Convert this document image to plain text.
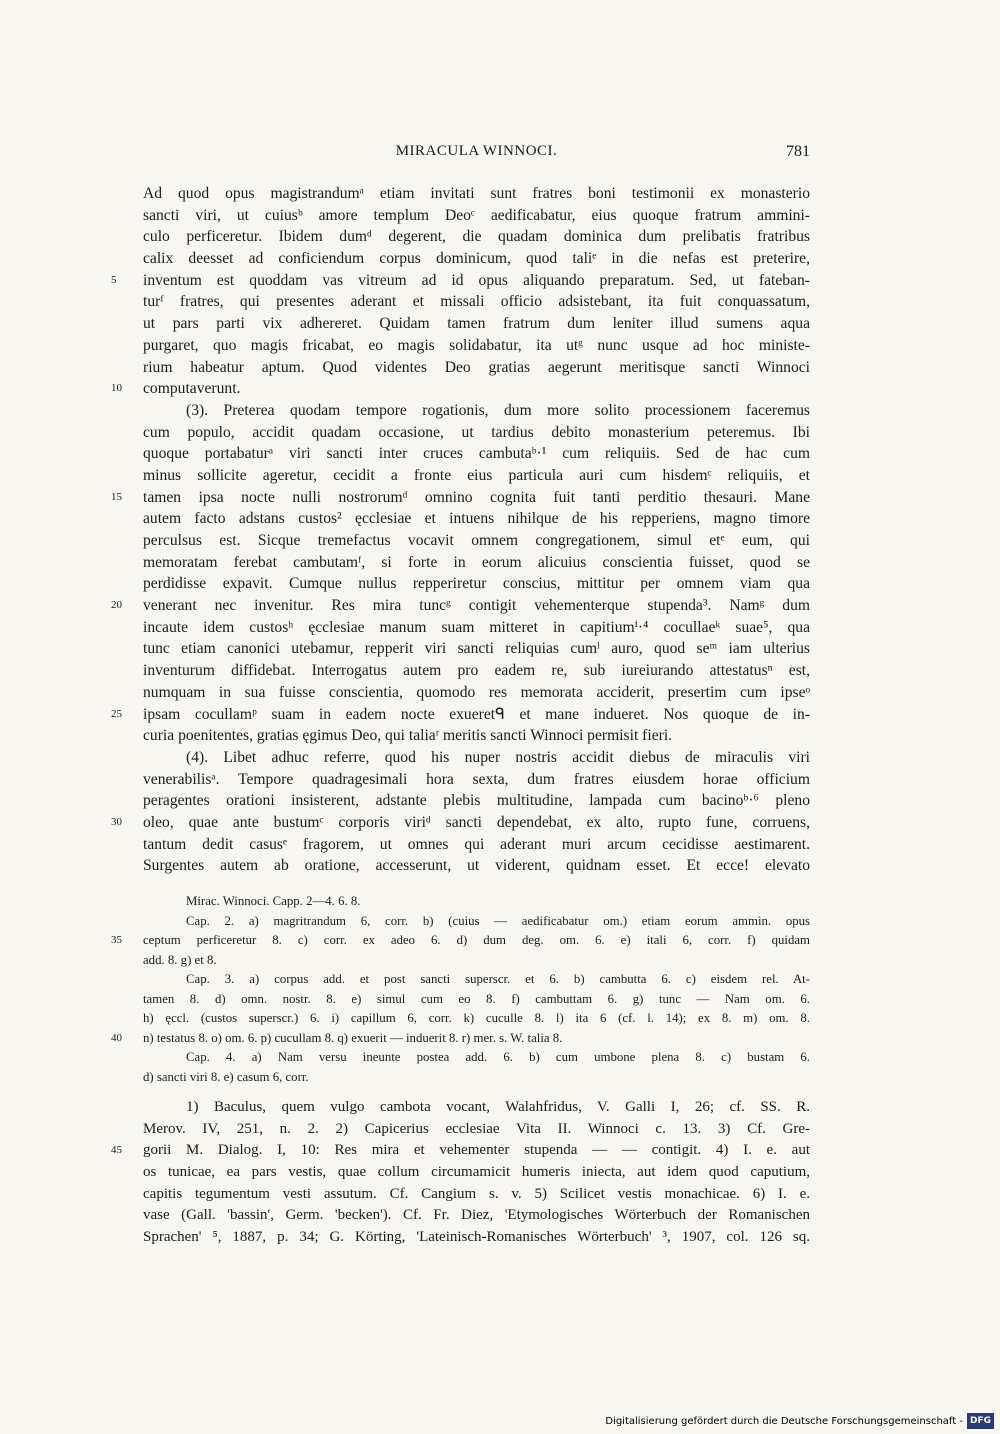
MIRACULA WINNOCI.	781
Ad quod opus magistrandumᵃ etiam invitati sunt fratres boni testimonii ex monasterio
sancti viri, ut cuiusᵇ amore templum Deoᶜ aedificabatur, eius quoque fratrum ammini-
culo perficeretur. Ibidem dumᵈ degerent, die quadam dominica dum prelibatis fratribus
calix deesset ad conficiendum corpus dominicum, quod taliᵉ in die nefas est preterire,
5	inventum est quoddam vas vitreum ad id opus aliquando preparatum. Sed, ut fateban-
turᶠ fratres, qui presentes aderant et missali officio adsistebant, ita fuit conquassatum,
ut pars parti vix adhereret. Quidam tamen fratrum dum leniter illud sumens aqua
purgaret, quo magis fricabat, eo magis solidabatur, ita utᵍ nunc usque ad hoc ministe-
rium habeatur aptum. Quod videntes Deo gratias aegerunt meritisque sancti Winnoci
10	computaverunt.
(3). Preterea quodam tempore rogationis, dum more solito processionem faceremus
cum populo, accidit quadam occasione, ut tardius debito monasterium peteremus. Ibi
quoque portabaturᵃ viri sancti inter cruces cambutaᵇ·¹ cum reliquiis. Sed de hac cum
minus sollicite ageretur, cecidit a fronte eius particula auri cum hisdemᶜ reliquiis, et
15	tamen ipsa nocte nulli nostrorumᵈ omnino cognita fuit tanti perditio thesauri. Mane
autem facto adstans custos² ęcclesiae et intuens nihilque de his repperiens, magno timore
perculsus est. Sicque tremefactus vocavit omnem congregationem, simul etᵉ eum, qui
memoratam ferebat cambutamᶠ, si forte in eorum alicuius conscientia fuisset, quod se
perdidisse expavit. Cumque nullus repperiretur conscius, mittitur per omnem viam qua
20	venerant nec invenitur. Res mira tuncᵍ contigit vehementerque stupenda³. Namᵍ dum
incaute idem custosʰ ęcclesiae manum suam mitteret in capitiumⁱ·⁴ cocullaeᵏ suae⁵, qua
tunc etiam canonici utebamur, repperit viri sancti reliquias cumˡ auro, quod seᵐ iam ulterius
inventurum diffidebat. Interrogatus autem pro eadem re, sub iureiurando attestatusⁿ est,
numquam in sua fuisse conscientia, quomodo res memorata acciderit, presertim cum ipseᵒ
25	ipsam cocullamᵖ suam in eadem nocte exueretᑫ et mane indueret. Nos quoque de in-
curia poenitentes, gratias ęgimus Deo, qui taliaʳ meritis sancti Winnoci permisit fieri.
(4). Libet adhuc referre, quod his nuper nostris accidit diebus de miraculis viri
venerabilisᵃ. Tempore quadragesimali hora sexta, dum fratres eiusdem horae officium
peragentes orationi insisterent, adstante plebis multitudine, lampada cum bacinoᵇ·⁶ pleno
30	oleo, quae ante bustumᶜ corporis viriᵈ sancti dependebat, ex alto, rupto fune, corruens,
tantum dedit casusᵉ fragorem, ut omnes qui aderant muri arcum cecidisse aestimarent.
Surgentes autem ab oratione, accesserunt, ut viderent, quidnam esset. Et ecce! elevato
Mirac. Winnoci. Capp. 2—4. 6. 8.
Cap. 2. a) magritrandum 6, corr. b) (cuius — aedificabatur om.) etiam eorum ammin. opus
35	ceptum perficeretur 8. c) corr. ex adeo 6. d) dum deg. om. 6. e) itali 6, corr. f) quidam
add. 8. g) et 8.
Cap. 3. a) corpus add. et post sancti superscr. et 6. b) cambutta 6. c) eisdem rel. At-
tamen 8. d) omn. nostr. 8. e) simul cum eo 8. f) cambuttam 6. g) tunc — Nam om. 6.
h) ęccl. (custos superscr.) 6. i) capillum 6, corr. k) cuculle 8. l) ita 6 (cf. l. 14); ex 8. m) om. 8.
40	n) testatus 8. o) om. 6. p) cucullam 8. q) exuerit — induerit 8. r) mer. s. W. talia 8.
Cap. 4. a) Nam versu ineunte postea add. 6. b) cum umbone plena 8. c) bustam 6.
d) sancti viri 8. e) casum 6, corr.
1) Baculus, quem vulgo cambota vocant, Walahfridus, V. Galli I, 26; cf. SS. R.
Merov. IV, 251, n. 2. 2) Capicerius ecclesiae Vita II. Winnoci c. 13. 3) Cf. Gre-
45	gorii M. Dialog. I, 10: Res mira et vehementer stupenda — — contigit. 4) I. e. aut
os tunicae, ea pars vestis, quae collum circumamicit humeris iniecta, aut idem quod caputium,
capitis tegumentum vesti assutum. Cf. Cangium s. v. 5) Scilicet vestis monachicae. 6) I. e.
vase (Gall. 'bassin', Germ. 'becken'). Cf. Fr. Diez, 'Etymologisches Wörterbuch der Romanischen
Sprachen' ⁵, 1887, p. 34; G. Körting, 'Lateinisch-Romanisches Wörterbuch' ³, 1907, col. 126 sq.
Digitalisierung gefördert durch die Deutsche Forschungsgemeinschaft - DFG
